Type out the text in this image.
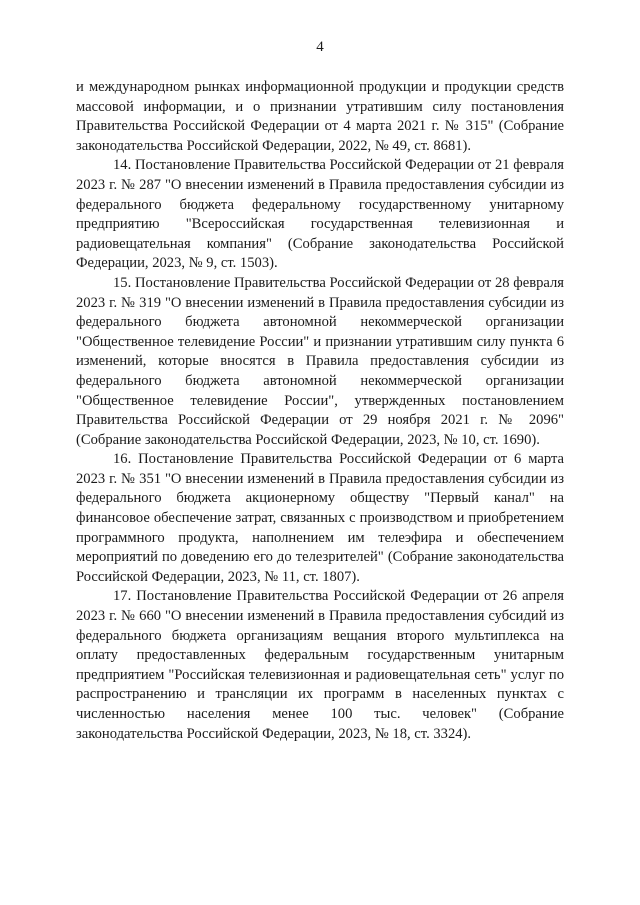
4

и международном рынках информационной продукции и продукции средств массовой информации, и о признании утратившим силу постановления Правительства Российской Федерации от 4 марта 2021 г. № 315" (Собрание законодательства Российской Федерации, 2022, № 49, ст. 8681).

14. Постановление Правительства Российской Федерации от 21 февраля 2023 г. № 287 "О внесении изменений в Правила предоставления субсидии из федерального бюджета федеральному государственному унитарному предприятию "Всероссийская государственная телевизионная и радиовещательная компания" (Собрание законодательства Российской Федерации, 2023, № 9, ст. 1503).

15. Постановление Правительства Российской Федерации от 28 февраля 2023 г. № 319 "О внесении изменений в Правила предоставления субсидии из федерального бюджета автономной некоммерческой организации "Общественное телевидение России" и признании утратившим силу пункта 6 изменений, которые вносятся в Правила предоставления субсидии из федерального бюджета автономной некоммерческой организации "Общественное телевидение России", утвержденных постановлением Правительства Российской Федерации от 29 ноября 2021 г. № 2096" (Собрание законодательства Российской Федерации, 2023, № 10, ст. 1690).

16. Постановление Правительства Российской Федерации от 6 марта 2023 г. № 351 "О внесении изменений в Правила предоставления субсидии из федерального бюджета акционерному обществу "Первый канал" на финансовое обеспечение затрат, связанных с производством и приобретением программного продукта, наполнением им телеэфира и обеспечением мероприятий по доведению его до телезрителей" (Собрание законодательства Российской Федерации, 2023, № 11, ст. 1807).

17. Постановление Правительства Российской Федерации от 26 апреля 2023 г. № 660 "О внесении изменений в Правила предоставления субсидий из федерального бюджета организациям вещания второго мультиплекса на оплату предоставленных федеральным государственным унитарным предприятием "Российская телевизионная и радиовещательная сеть" услуг по распространению и трансляции их программ в населенных пунктах с численностью населения менее 100 тыс. человек" (Собрание законодательства Российской Федерации, 2023, № 18, ст. 3324).
